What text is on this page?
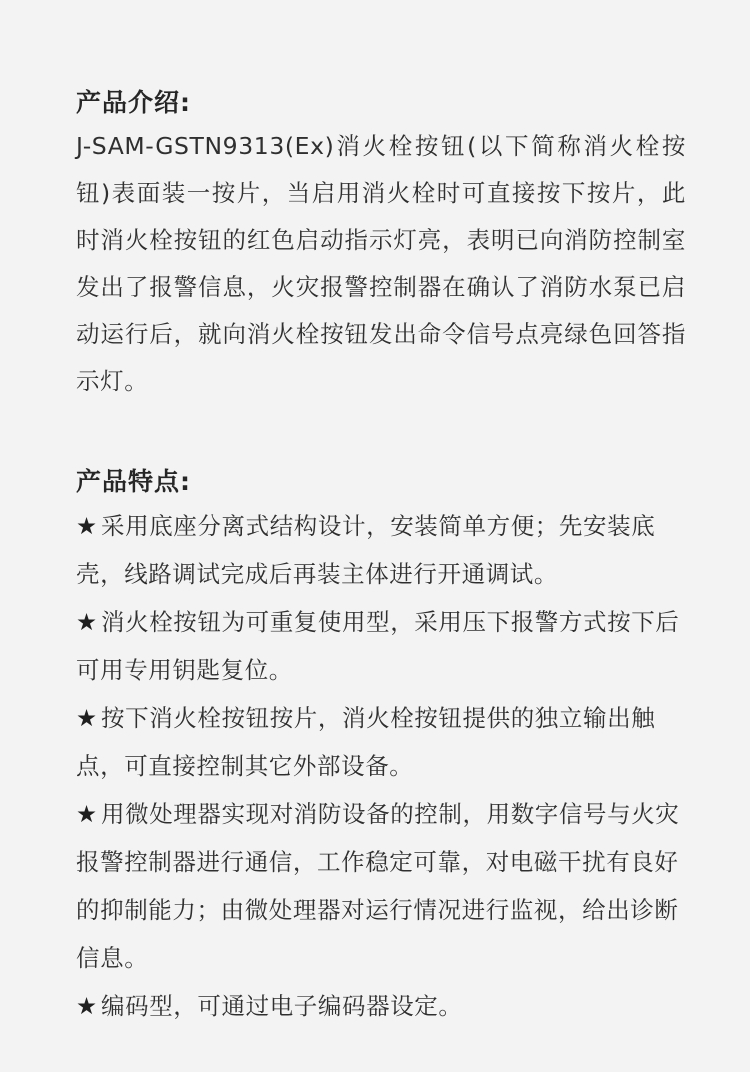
产品介绍:

J-SAM-GSTN9313(Ex)消火栓按钮(以下简称消火栓按钮)表面装一按片，当启用消火栓时可直接按下按片，此时消火栓按钮的红色启动指示灯亮，表明已向消防控制室发出了报警信息，火灾报警控制器在确认了消防水泵已启动运行后，就向消火栓按钮发出命令信号点亮绿色回答指示灯。

产品特点:

★ 采用底座分离式结构设计，安装简单方便；先安装底壳，线路调试完成后再装主体进行开通调试。

★ 消火栓按钮为可重复使用型，采用压下报警方式按下后可用专用钥匙复位。

★ 按下消火栓按钮按片，消火栓按钮提供的独立输出触点，可直接控制其它外部设备。

★ 用微处理器实现对消防设备的控制，用数字信号与火灾报警控制器进行通信，工作稳定可靠，对电磁干扰有良好的抑制能力；由微处理器对运行情况进行监视，给出诊断信息。

★ 编码型，可通过电子编码器设定。
